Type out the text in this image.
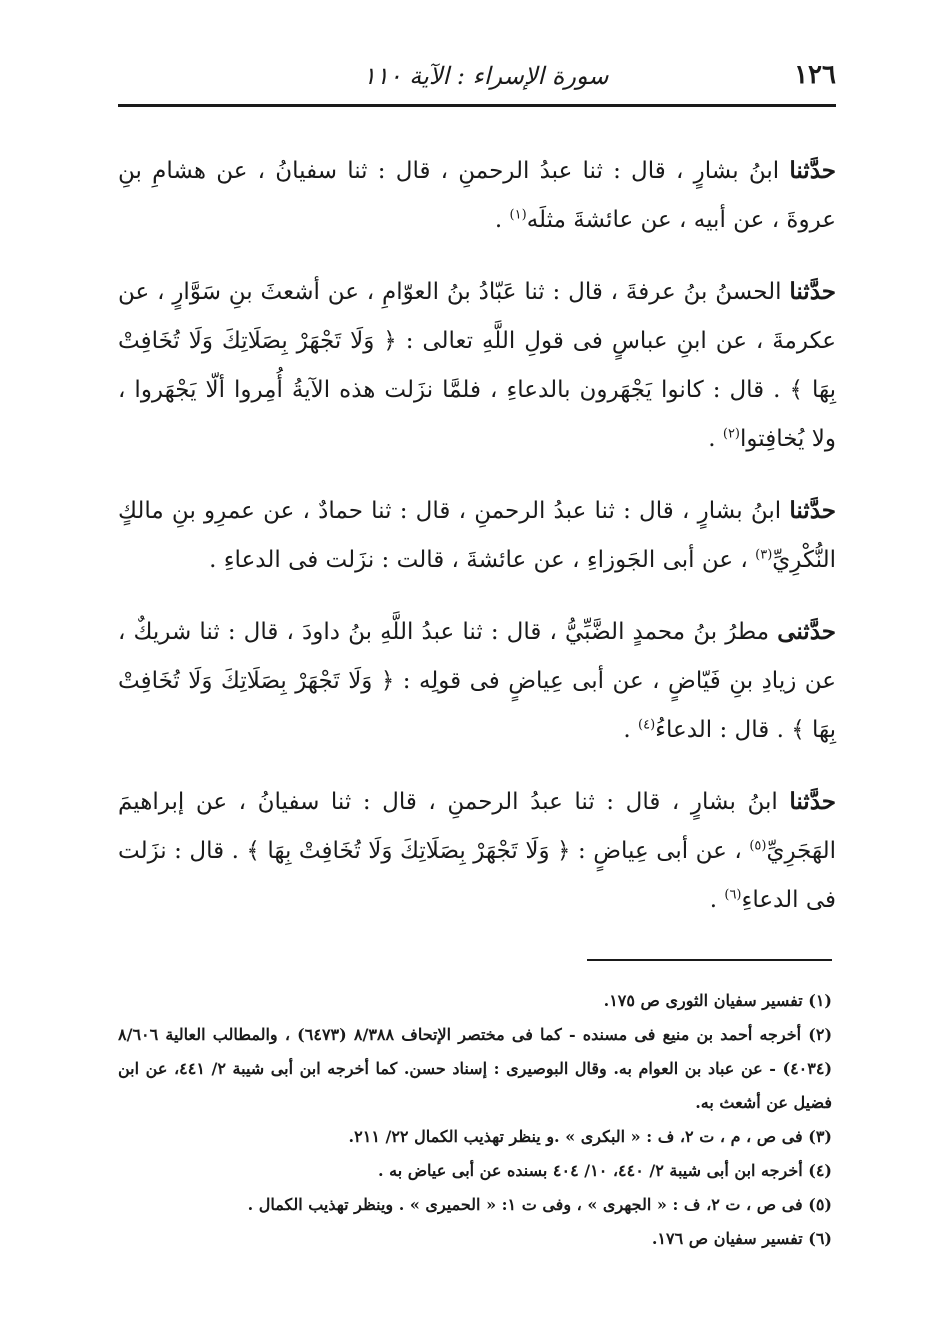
١٢٦
سورة الإسراء : الآية ١١٠

حدَّثنا ابنُ بشارٍ ، قال : ثنا عبدُ الرحمنِ ، قال : ثنا سفيانُ ، عن هشامِ بنِ عروةَ ، عن أبيه ، عن عائشةَ مثلَه$^{(١)}$ .

حدَّثنا الحسنُ بنُ عرفةَ ، قال : ثنا عَبّادُ بنُ العوّامِ ، عن أشعثَ بنِ سَوَّارٍ ، عن عكرمةَ ، عن ابنِ عباسٍ فى قولِ اللَّهِ تعالى : ﴿ وَلَا تَجْهَرْ بِصَلَاتِكَ وَلَا تُخَافِتْ بِهَا ﴾ . قال : كانوا يَجْهَرون بالدعاءِ ، فلمَّا نزَلت هذه الآيةُ أُمِروا ألّا يَجْهَروا ، ولا يُخافِتوا$^{(٢)}$ .

حدَّثنا ابنُ بشارٍ ، قال : ثنا عبدُ الرحمنِ ، قال : ثنا حمادٌ ، عن عمرِو بنِ مالكٍ النُّكْرِيِّ$^{(٣)}$ ، عن أبى الجَوزاءِ ، عن عائشةَ ، قالت : نزَلت فى الدعاءِ .

حدَّثنى مطرُ بنُ محمدٍ الضَّبِّيُّ ، قال : ثنا عبدُ اللَّهِ بنُ داودَ ، قال : ثنا شريكٌ ، عن زيادِ بنِ فَيّاضٍ ، عن أبى عِياضٍ فى قولِه : ﴿ وَلَا تَجْهَرْ بِصَلَاتِكَ وَلَا تُخَافِتْ بِهَا ﴾ . قال : الدعاءُ$^{(٤)}$ .

حدَّثنا ابنُ بشارٍ ، قال : ثنا عبدُ الرحمنِ ، قال : ثنا سفيانُ ، عن إبراهيمَ الهَجَرِيِّ$^{(٥)}$ ، عن أبى عِياضٍ : ﴿ وَلَا تَجْهَرْ بِصَلَاتِكَ وَلَا تُخَافِتْ بِهَا ﴾ . قال : نزَلت فى الدعاءِ$^{(٦)}$ .

(١) تفسير سفيان الثورى ص ١٧٥.

(٢) أخرجه أحمد بن منيع فى مسنده - كما فى مختصر الإتحاف ٨/٣٨٨ (٦٤٧٣) ، والمطالب العالية ٨/٦٠٦ (٤٠٣٤) - عن عباد بن العوام به. وقال البوصيرى : إسناد حسن. كما أخرجه ابن أبى شيبة ٢/ ٤٤١، عن ابن فضيل عن أشعث به.

(٣) فى ص ، م ، ت ٢، ف : « البكرى » .و ينظر تهذيب الكمال ٢٢/ ٢١١.

(٤) أخرجه ابن أبى شيبة ٢/ ٤٤٠، ١٠/ ٤٠٤ بسنده عن أبى عياض به .

(٥) فى ص ، ت ٢، ف : « الجهرى » ، وفى ت ١: « الحميرى » . وينظر تهذيب الكمال .

(٦) تفسير سفيان ص ١٧٦.
